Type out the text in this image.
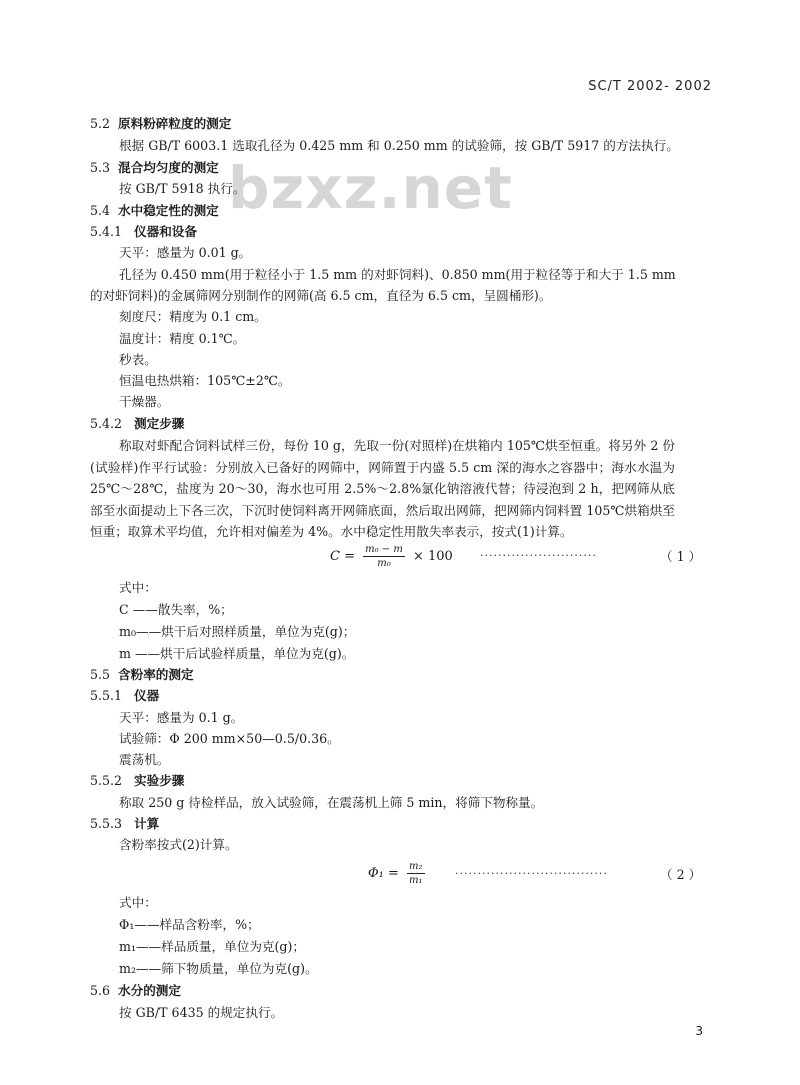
SC/T 2002- 2002
bzxz.net
5.2 原料粉碎粒度的测定
根据 GB/T 6003.1 选取孔径为 0.425 mm 和 0.250 mm 的试验筛，按 GB/T 5917 的方法执行。
5.3 混合均匀度的测定
按 GB/T 5918 执行。
5.4 水中稳定性的测定
5.4.1 仪器和设备
天平：感量为 0.01 g。
孔径为 0.450 mm(用于粒径小于 1.5 mm 的对虾饲料)、0.850 mm(用于粒径等于和大于 1.5 mm
的对虾饲料)的金属筛网分别制作的网筛(高 6.5 cm，直径为 6.5 cm，呈圆桶形)。
刻度尺：精度为 0.1 cm。
温度计：精度 0.1℃。
秒表。
恒温电热烘箱：105℃±2℃。
干燥器。
5.4.2 测定步骤
称取对虾配合饲料试样三份，每份 10 g，先取一份(对照样)在烘箱内 105℃烘至恒重。将另外 2 份(试验样)作平行试验：分别放入已备好的网筛中，网筛置于内盛 5.5 cm 深的海水之容器中；海水水温为 25℃～28℃，盐度为 20～30，海水也可用 2.5%～2.8%氯化钠溶液代替；待浸泡到 2 h，把网筛从底部至水面提动上下各三次，下沉时使饲料离开网筛底面，然后取出网筛，把网筛内饲料置 105℃烘箱烘至恒重；取算术平均值，允许相对偏差为 4%。水中稳定性用散失率表示，按式(1)计算。
$C = \frac{\text{m₀ − m}}{\text{m₀}} \times 100$ ··························	（ 1 ）
式中：
C ——散失率，%；
m₀——烘干后对照样质量，单位为克(g)；
m ——烘干后试验样质量，单位为克(g)。
5.5 含粉率的测定
5.5.1 仪器
天平：感量为 0.1 g。
试验筛：Φ 200 mm×50—0.5/0.36。
震荡机。
5.5.2 实验步骤
称取 250 g 待检样品，放入试验筛，在震荡机上筛 5 min，将筛下物称量。
5.5.3 计算
含粉率按式(2)计算。
$\Phi_1 = \frac{\text{m₂}}{\text{m₁}}$	··································	（ 2 ）
式中：
Φ₁——样品含粉率，%；
m₁——样品质量，单位为克(g)；
m₂——筛下物质量，单位为克(g)。
5.6 水分的测定
按 GB/T 6435 的规定执行。
3
